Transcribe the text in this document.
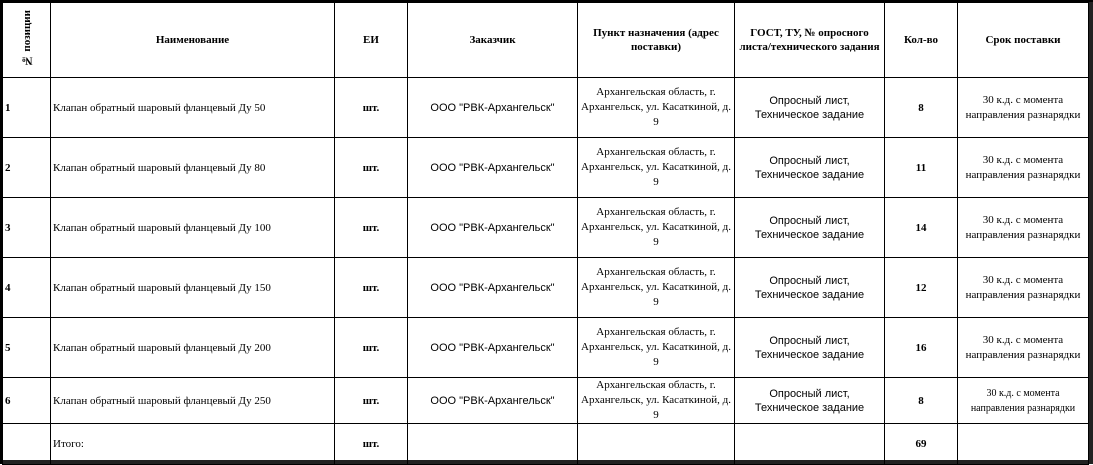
№ позиции	Наименование	ЕИ	Заказчик	Пункт назначения (адрес поставки)	ГОСТ, ТУ, № опросного листа/технического задания	Кол-во	Срок поставки
1	Клапан обратный шаровый фланцевый Ду 50	шт.	ООО "РВК-Архангельск"	Архангельская область, г. Архангельск, ул. Касаткиной, д. 9	Опросный лист, Техническое задание	8	30 к.д. с момента направления разнарядки
2	Клапан обратный шаровый фланцевый Ду 80	шт.	ООО "РВК-Архангельск"	Архангельская область, г. Архангельск, ул. Касаткиной, д. 9	Опросный лист, Техническое задание	11	30 к.д. с момента направления разнарядки
3	Клапан обратный шаровый фланцевый Ду 100	шт.	ООО "РВК-Архангельск"	Архангельская область, г. Архангельск, ул. Касаткиной, д. 9	Опросный лист, Техническое задание	14	30 к.д. с момента направления разнарядки
4	Клапан обратный шаровый фланцевый Ду 150	шт.	ООО "РВК-Архангельск"	Архангельская область, г. Архангельск, ул. Касаткиной, д. 9	Опросный лист, Техническое задание	12	30 к.д. с момента направления разнарядки
5	Клапан обратный шаровый фланцевый Ду 200	шт.	ООО "РВК-Архангельск"	Архангельская область, г. Архангельск, ул. Касаткиной, д. 9	Опросный лист, Техническое задание	16	30 к.д. с момента направления разнарядки
6	Клапан обратный шаровый фланцевый Ду 250	шт.	ООО "РВК-Архангельск"	Архангельская область, г. Архангельск, ул. Касаткиной, д. 9	Опросный лист, Техническое задание	8	30 к.д. с момента направления разнарядки
	Итого:	шт.				69	
